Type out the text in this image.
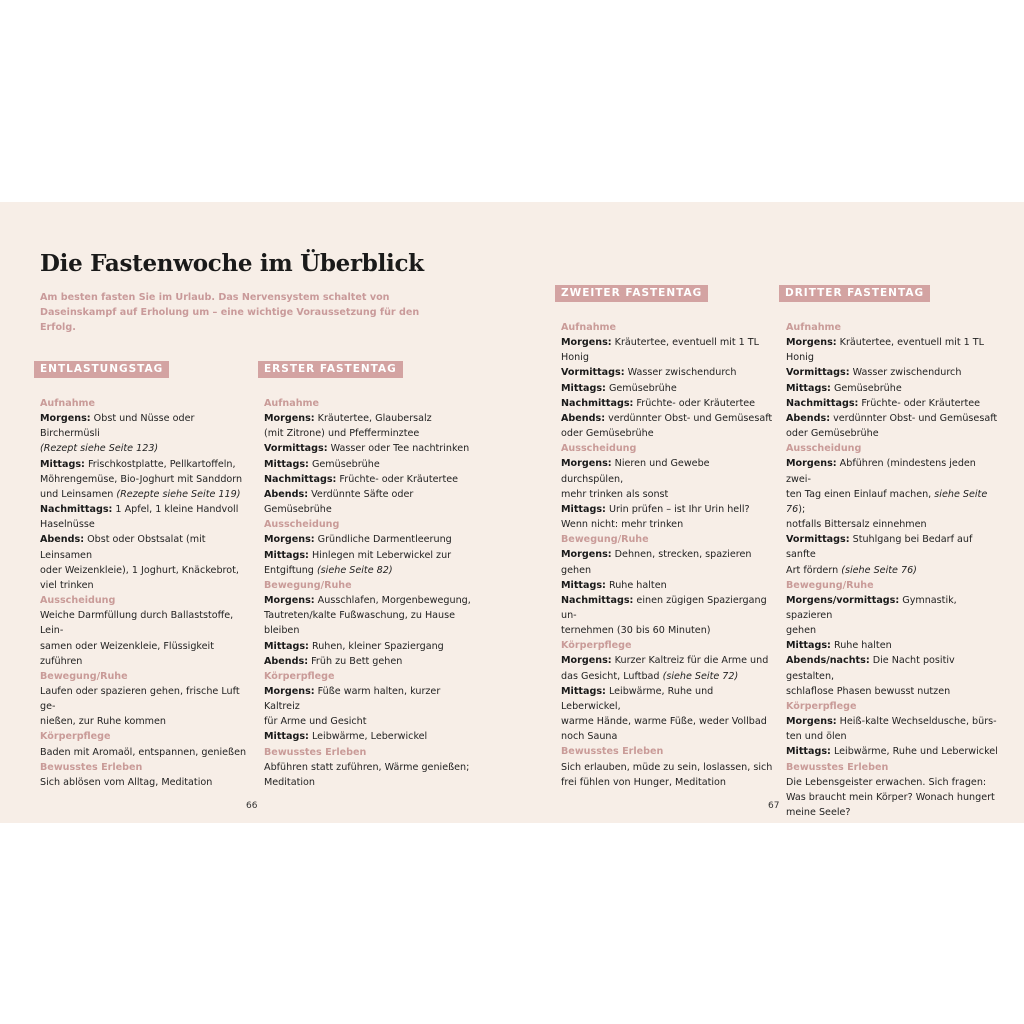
Die Fastenwoche im Überblick
Am besten fasten Sie im Urlaub. Das Nervensystem schaltet von Daseinskampf auf Erholung um – eine wichtige Voraussetzung für den Erfolg.
ENTLASTUNGSTAG	ERSTER FASTENTAG
ZWEITER FASTENTAG	DRITTER FASTENTAG
Aufnahme
Morgens: Obst und Nüsse oder Birchermüsli
(Rezept siehe Seite 123)
Mittags: Frischkostplatte, Pellkartoffeln,
Möhrengemüse, Bio-Joghurt mit Sanddorn
und Leinsamen (Rezepte siehe Seite 119)
Nachmittags: 1 Apfel, 1 kleine Handvoll
Haselnüsse
Abends: Obst oder Obstsalat (mit Leinsamen
oder Weizenkleie), 1 Joghurt, Knäckebrot,
viel trinken
Ausscheidung
Weiche Darmfüllung durch Ballaststoffe, Lein-
samen oder Weizenkleie, Flüssigkeit zuführen
Bewegung/Ruhe
Laufen oder spazieren gehen, frische Luft ge-
nießen, zur Ruhe kommen
Körperpflege
Baden mit Aromaöl, entspannen, genießen
Bewusstes Erleben
Sich ablösen vom Alltag, Meditation
Aufnahme
Morgens: Kräutertee, Glaubersalz
(mit Zitrone) und Pfefferminztee
Vormittags: Wasser oder Tee nachtrinken
Mittags: Gemüsebrühe
Nachmittags: Früchte- oder Kräutertee
Abends: Verdünnte Säfte oder Gemüsebrühe
Ausscheidung
Morgens: Gründliche Darmentleerung
Mittags: Hinlegen mit Leberwickel zur
Entgiftung (siehe Seite 82)
Bewegung/Ruhe
Morgens: Ausschlafen, Morgenbewegung,
Tautreten/kalte Fußwaschung, zu Hause
bleiben
Mittags: Ruhen, kleiner Spaziergang
Abends: Früh zu Bett gehen
Körperpflege
Morgens: Füße warm halten, kurzer Kaltreiz
für Arme und Gesicht
Mittags: Leibwärme, Leberwickel
Bewusstes Erleben
Abführen statt zuführen, Wärme genießen;
Meditation
Aufnahme
Morgens: Kräutertee, eventuell mit 1 TL Honig
Vormittags: Wasser zwischendurch
Mittags: Gemüsebrühe
Nachmittags: Früchte- oder Kräutertee
Abends: verdünnter Obst- und Gemüsesaft
oder Gemüsebrühe
Ausscheidung
Morgens: Nieren und Gewebe durchspülen,
mehr trinken als sonst
Mittags: Urin prüfen – ist Ihr Urin hell?
Wenn nicht: mehr trinken
Bewegung/Ruhe
Morgens: Dehnen, strecken, spazieren gehen
Mittags: Ruhe halten
Nachmittags: einen zügigen Spaziergang un-
ternehmen (30 bis 60 Minuten)
Körperpflege
Morgens: Kurzer Kaltreiz für die Arme und
das Gesicht, Luftbad (siehe Seite 72)
Mittags: Leibwärme, Ruhe und Leberwickel,
warme Hände, warme Füße, weder Vollbad
noch Sauna
Bewusstes Erleben
Sich erlauben, müde zu sein, loslassen, sich
frei fühlen von Hunger, Meditation
Aufnahme
Morgens: Kräutertee, eventuell mit 1 TL Honig
Vormittags: Wasser zwischendurch
Mittags: Gemüsebrühe
Nachmittags: Früchte- oder Kräutertee
Abends: verdünnter Obst- und Gemüsesaft
oder Gemüsebrühe
Ausscheidung
Morgens: Abführen (mindestens jeden zwei-
ten Tag einen Einlauf machen, siehe Seite 76);
notfalls Bittersalz einnehmen
Vormittags: Stuhlgang bei Bedarf auf sanfte
Art fördern (siehe Seite 76)
Bewegung/Ruhe
Morgens/vormittags: Gymnastik, spazieren
gehen
Mittags: Ruhe halten
Abends/nachts: Die Nacht positiv gestalten,
schlaflose Phasen bewusst nutzen
Körperpflege
Morgens: Heiß-kalte Wechseldusche, bürs-
ten und ölen
Mittags: Leibwärme, Ruhe und Leberwickel
Bewusstes Erleben
Die Lebensgeister erwachen. Sich fragen:
Was braucht mein Körper? Wonach hungert
meine Seele?
66	67
